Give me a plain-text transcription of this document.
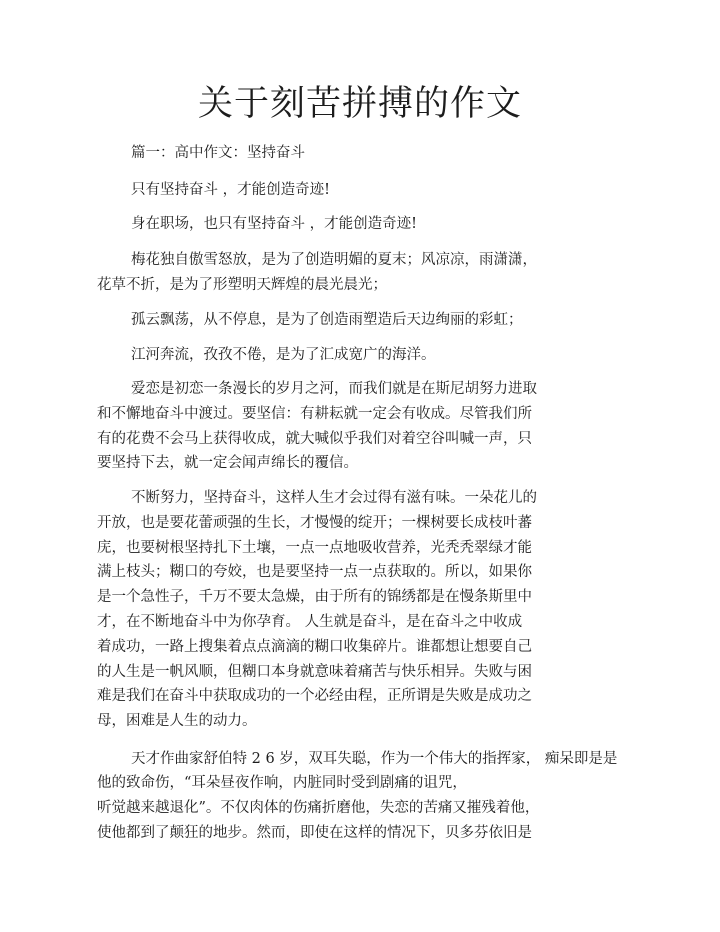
关于刻苦拼搏的作文
篇一：高中作文：坚持奋斗
只有坚持奋斗 ，才能创造奇迹!
身在职场，也只有坚持奋斗 ，才能创造奇迹!
梅花独自傲雪怒放，是为了创造明媚的夏末；风凉凉，雨潇潇，
花草不折，是为了形塑明天辉煌的晨光晨光；
孤云飘荡，从不停息，是为了创造雨塑造后天边绚丽的彩虹；
江河奔流，孜孜不倦，是为了汇成宽广的海洋。
爱恋是初恋一条漫长的岁月之河，而我们就是在斯尼胡努力进取
和不懈地奋斗中渡过。要坚信：有耕耘就一定会有收成。尽管我们所
有的花费不会马上获得收成，就大喊似乎我们对着空谷叫喊一声，只
要坚持下去，就一定会闻声绵长的覆信。
不断努力，坚持奋斗，这样人生才会过得有滋有味。一朵花儿的
开放，也是要花蕾顽强的生长，才慢慢的绽开；一棵树要长成枝叶蕃
庑，也要树根坚持扎下土壤，一点一点地吸收营养，光秃秃翠绿才能
满上枝头；糊口的夸姣，也是要坚持一点一点获取的。所以，如果你
是一个急性子，千万不要太急燥，由于所有的锦绣都是在慢条斯里中
才，在不断地奋斗中为你孕育。 人生就是奋斗，是在奋斗之中收成
着成功，一路上搜集着点点滴滴的糊口收集碎片。谁都想让想要自己
的人生是一帆风顺，但糊口本身就意味着痛苦与快乐相异。失败与困
难是我们在奋斗中获取成功的一个必经由程，正所谓是失败是成功之
母，困难是人生的动力。
天才作曲家舒伯特 2 6 岁，双耳失聪，作为一个伟大的指挥家， 痴呆即是是
他的致命伤，“耳朵昼夜作响，内脏同时受到剧痛的诅咒，
听觉越来越退化”。不仅肉体的伤痛折磨他，失恋的苦痛又摧残着他，
使他都到了颠狂的地步。然而，即使在这样的情况下，贝多芬依旧是
